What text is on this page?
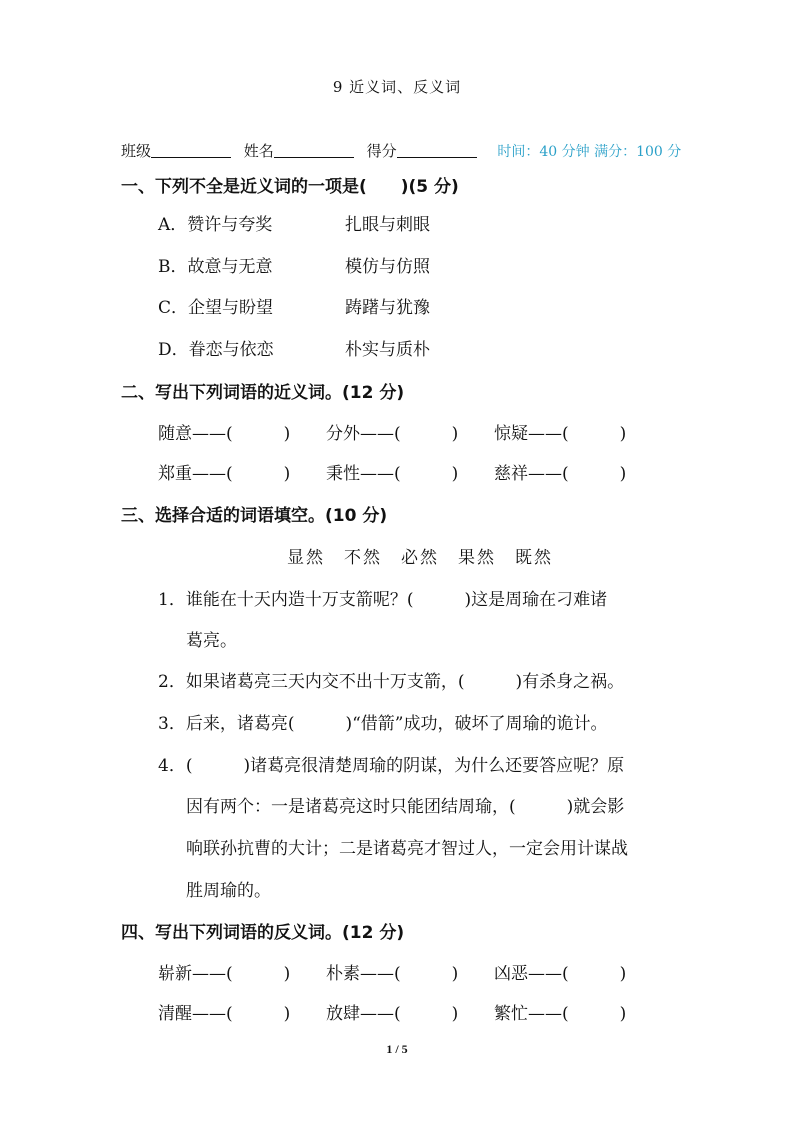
9 近义词、反义词
班级	姓名	得分	时间：40 分钟 满分：100 分
一、下列不全是近义词的一项是(　　)(5 分)
A．赞许与夸奖	扎眼与刺眼
B．故意与无意	模仿与仿照
C．企望与盼望	踌躇与犹豫
D．眷恋与依恋	朴实与质朴
二、写出下列词语的近义词。(12 分)
随意——(　　　) 分外——(　　　) 惊疑——(　　　)
郑重——(　　　) 秉性——(　　　) 慈祥——(　　　)
三、选择合适的词语填空。(10 分)
显然　不然　必然　果然　既然
1．谁能在十天内造十万支箭呢？(　　　)这是周瑜在刁难诸
葛亮。
2．如果诸葛亮三天内交不出十万支箭，(　　　)有杀身之祸。
3．后来，诸葛亮(　　　)“借箭”成功，破坏了周瑜的诡计。
4．(　　　)诸葛亮很清楚周瑜的阴谋，为什么还要答应呢？原
因有两个：一是诸葛亮这时只能团结周瑜，(　　　)就会影
响联孙抗曹的大计；二是诸葛亮才智过人，一定会用计谋战
胜周瑜的。
四、写出下列词语的反义词。(12 分)
崭新——(　　　) 朴素——(　　　) 凶恶——(　　　)
清醒——(　　　) 放肆——(　　　) 繁忙——(　　　)
1 / 5
